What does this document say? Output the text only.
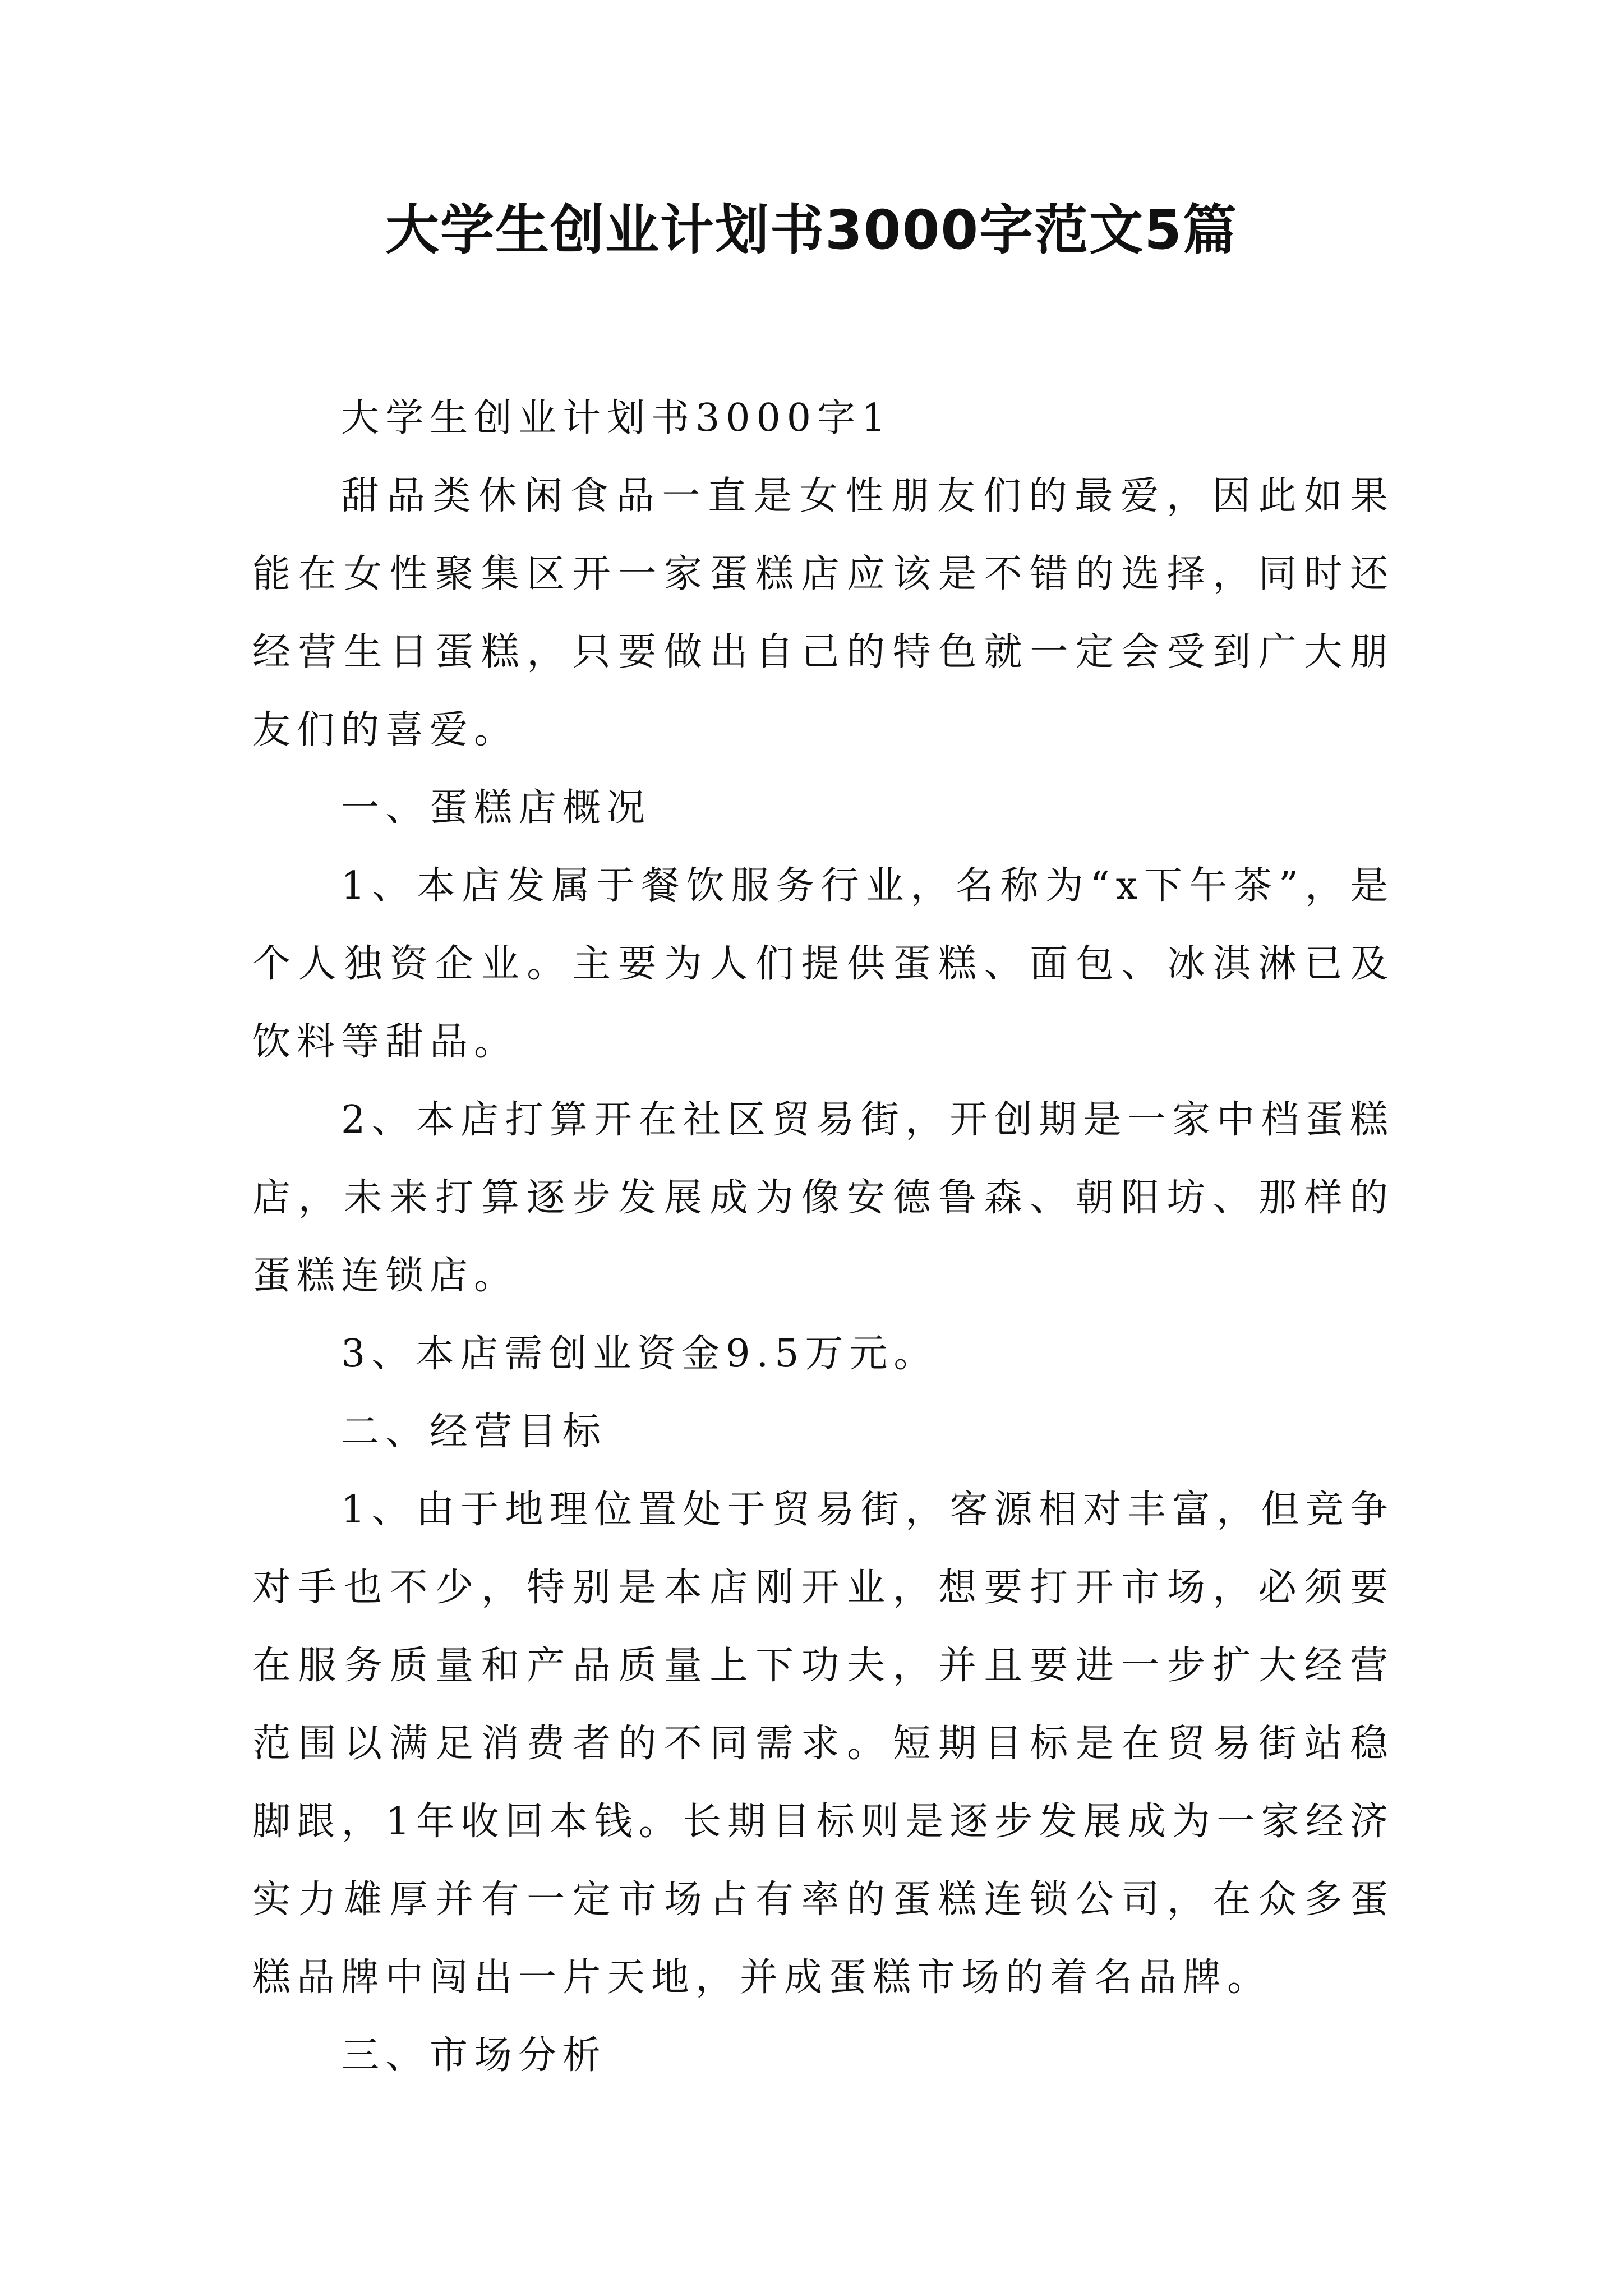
大学生创业计划书3000字范文5篇

大学生创业计划书3000字1

甜品类休闲食品一直是女性朋友们的最爱，因此如果能在女性聚集区开一家蛋糕店应该是不错的选择，同时还经营生日蛋糕，只要做出自己的特色就一定会受到广大朋友们的喜爱。

一、蛋糕店概况

1、本店发属于餐饮服务行业，名称为“x下午茶”，是个人独资企业。主要为人们提供蛋糕、面包、冰淇淋已及饮料等甜品。

2、本店打算开在社区贸易街，开创期是一家中档蛋糕店，未来打算逐步发展成为像安德鲁森、朝阳坊、那样的蛋糕连锁店。

3、本店需创业资金9.5万元。

二、经营目标

1、由于地理位置处于贸易街，客源相对丰富，但竞争对手也不少，特别是本店刚开业，想要打开市场，必须要在服务质量和产品质量上下功夫，并且要进一步扩大经营范围以满足消费者的不同需求。短期目标是在贸易街站稳脚跟，1年收回本钱。长期目标则是逐步发展成为一家经济实力雄厚并有一定市场占有率的蛋糕连锁公司，在众多蛋糕品牌中闯出一片天地，并成蛋糕市场的着名品牌。

三、市场分析
